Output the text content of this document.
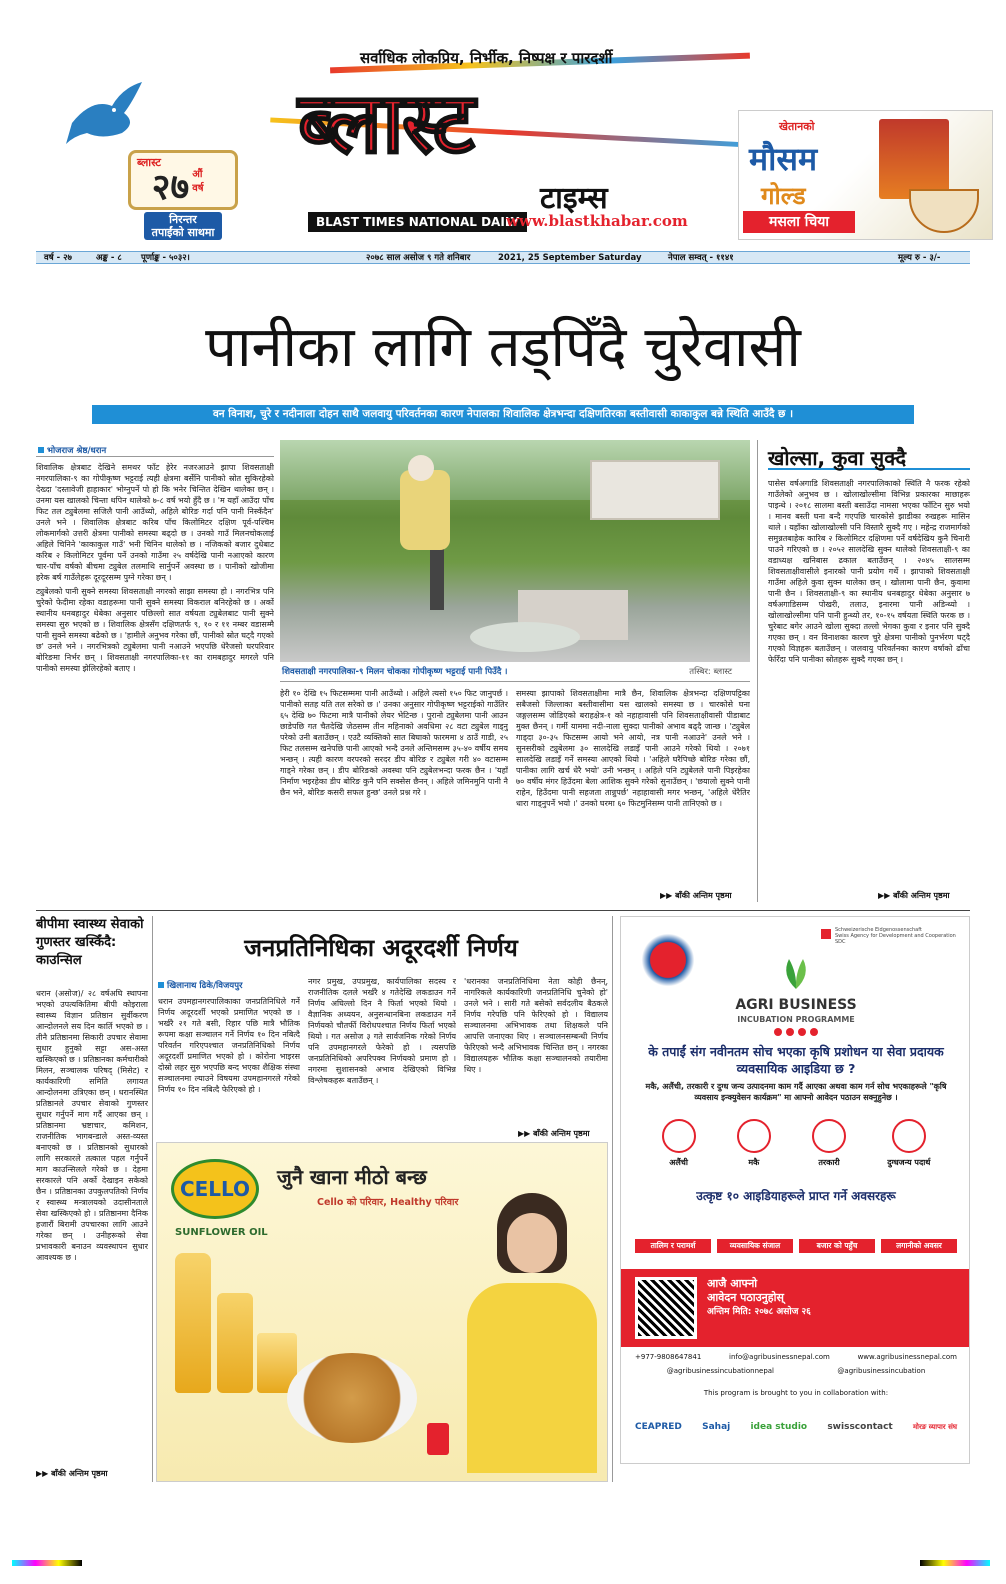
सर्वाधिक लोकप्रिय, निर्भीक, निष्पक्ष र पारदर्शी
ब्लास्ट
२७ औं वर्ष
निरन्तर
तपाईंको साथमा
ब्लास्ट
टाइम्स
BLAST TIMES NATIONAL DAILY
www.blastkhabar.com
खेतानको
मौसम
गोल्ड
मसला चिया
वर्ष - २७	अङ्क - ८ पूर्णाङ्क - ५०३२।	२०७८ साल असोज ९ गते शनिबार	2021, 25 September Saturday	नेपाल सम्वत् - ११४१	मूल्य रु - ३/-
पानीका लागि तड्पिँदै चुरेवासी
वन विनाश, चुरे र नदीनाला दोहन साथै जलवायु परिवर्तनका कारण नेपालका शिवालिक क्षेत्रभन्दा दक्षिणतिरका बस्तीवासी काकाकुल बन्ने स्थिति आउँदै छ ।
भोजराज श्रेष्ठ/धरान

शिवालिक क्षेत्रबाट देखिने समथर फाँट हेरेर नजरआउने झापा शिवसताक्षी नगरपालिका-९ का गोपीकृष्ण भट्टराई त्यही क्षेत्रमा बर्सेनि पानीको स्रोत सुकिरहेको देख्दा 'दस्तावेजी हाहाकार' भोग्नुपर्ने पो हो कि भनेर चिन्तित देखिन थालेका छन् । उनमा यस खालको चिन्ता थपिन थालेको ७-८ वर्ष भयो हुँदै छ । 'म यहाँ आउँदा पाँच फिट तल ट्युबेलमा सजिलै पानी आउँथ्यो, अहिले बोरिङ गर्दा पनि पानी निस्कँदैन' उनले भने । शिवालिक क्षेत्रबाट करिब पाँच किलोमिटर दक्षिण पूर्व-पश्चिम लोकमार्गको उत्तरी क्षेत्रमा पानीको समस्या बढ्दो छ । उनको गाउँ मिलनचोकलाई अहिले चिनिने 'काकाकुल गाउँ' भनी चिनिन थालेको छ । नजिकको बजार दुधेबाट करिब २ किलोमिटर पूर्वमा पर्ने उनको गाउँमा २५ वर्षदेखि पानी नआएको कारण चार-पाँच वर्षको बीचमा ट्युबेल तलमाथि सार्नुपर्ने अवस्था छ । पानीको खोजीमा हरेक बर्ष गाउँलेहरू दूरदूरसम्म पुग्ने गरेका छन् ।

ट्युबेलको पानी सुक्ने समस्या शिवसताक्षी नगरको साझा समस्या हो । नगरभित्र पनि चुरेको फेदीमा रहेका वडाहरूमा पानी सुक्ने समस्या विकराल बनिरहेको छ । अर्को स्थानीय धनबहादुर थेबेका अनुसार पछिल्लो सात वर्षयता ट्युबेलबाट पानी सुक्ने समस्या सुरु भएको छ । शिवालिक क्षेत्रसँग दक्षिणतर्फ ९, १० र ११ नम्बर वडासम्मै पानी सुक्ने समस्या बढेको छ । 'हामीले अनुभव गरेका छौं, पानीको स्रोत घट्दै गएको छ' उनले भने । नगरभित्रको ट्युबेलमा पानी नआउने भएपछि धेरैजसो घरपरिवार बोरिङमा निर्भर छन् । शिवसताक्षी नगरपालिका-११ का रामबहादुर मगरले पनि पानीको समस्या झेलिरहेको बताए ।	शिवसताक्षी नगरपालिका-९ मिलन चोकका गोपीकृष्ण भट्टराई पानी पिउँदै ।	तस्बिर: ब्लास्ट

हेरी १० देखि १५ फिटसम्ममा पानी आउँथ्यो । अहिले त्यसो १५० फिट जानुपर्छ । पानीको सतह यति तल सरेको छ ।' उनका अनुसार गोपीकृष्ण भट्टराईको गाउँतिर ६५ देखि ७० फिटमा मात्रै पानीको लेयर भेटिन्छ । पुरानो ट्युबेलमा पानी आउन छाडेपछि गत चैतदेखि जेठसम्म तीन महिनाको अवधिमा २८ वटा ट्युबेल गाड्नु परेको उनी बताउँछन् । एउटै व्यक्तिको सात बिघाको फारममा ४ ठाउँ गाडी, २५ फिट तलसम्म खनेपछि पानी आएको भन्दै उनले अन्तिमसम्म ३५-४० वर्षीय समय भन्छन् । त्यही कारण वरपरको सरदर डीप बोरिङ र ट्युबेल गरी ४० वटासम्म गाड्ने गरेका छन् । डीप बोरिङको अवस्था पनि ट्युबेलभन्दा फरक छैन । 'यहाँ निर्माण भइरहेका डीप बोरिङ कुनै पनि सक्सेस छैनन् । अहिले जमिनमुनि पानी नै छैन भने, बोरिङ कसरी सफल हुन्छ' उनले प्रश्न गरे ।

समस्या झापाको शिवसताक्षीमा मात्रै छैन, शिवालिक क्षेत्रभन्दा दक्षिणपट्टिका सबैजसो जिल्लाका बस्तीवासीमा यस खालको समस्या छ । चारकोसे घना जङ्गलसम्म जोडिएको बराहक्षेत्र-१ को नहाहावासी पनि शिवसताक्षीवासी पीडाबाट मुक्त छैनन् । गर्मी याममा नदी-नाला सुक्दा पानीको अभाव बढ्दै जान्छ । 'ट्युबेल गाड्दा ३०-३५ फिटसम्म आयो भने आयो, नत्र पानी नआउने' उनले भने । सुनसरीको ट्युबेलमा ३० सालदेखि लडाइँ पानी आउने गरेको थियो । २०७१ सालदेखि लडाइँ गर्ने समस्या आएको थियो । 'अहिले घरैपिच्छे बोरिङ गरेका छौं, पानीका लागि खर्च धेरै भयो' उनी भन्छन् । अहिले पनि ट्युबेलले पानी पिइरहेका ७० वर्षीय मंगर हिउँदमा बेला आशिक सुक्ने गरेको सुनाउँछन् । 'छयालो सुक्ने पानी राहेन, हिउँदमा पानी सहजता तान्नुपर्छ' नहाहावासी मगर भन्छन्, 'अहिले धेरैतिर धारा गाड्नुपर्ने भयो ।' उनको घरमा ६० फिटमुनिसम्म पानी तानिएको छ ।

▶▶ बाँकी अन्तिम पृष्ठमा
खोल्सा, कुवा सुक्दै

पासेस वर्षअगाडि शिवसताक्षी नगरपालिकाको स्थिति नै फरक रहेको गाउँलेको अनुभव छ । खोलाखोल्सीमा विभिन्न प्रकारका माछाहरू पाइन्थे । २०१८ सालमा बस्ती बसाउँदा नामसा भएका फाँटिन सुरु भयो । मानव बस्ती घना बन्दै गएपछि चारकोसे झाडीका रुखहरू मासिन थाले । यहाँका खोलाखोल्सी पनि विस्तारै सुक्दै गए । महेन्द्र राजमार्गको समुन्नतबाहेक कारिब २ किलोमिटर दक्षिणमा पर्ने वर्षदेखिय कुनै चिनारी पाउने गरिएको छ । २०५२ सालदेखि सुक्न थालेको शिवसताक्षी-९ का वडाध्यक्ष खनिबास ढकाल बताउँछन् । २०४५ सालसम्म शिवसताक्षीवासीले इनारको पानी प्रयोग गर्थे । झापाको शिवसताक्षी गाउँमा अहिले कुवा सुक्न थालेका छन् । खोलामा पानी छैन, कुवामा पानी छैन । शिवसताक्षी-९ का स्थानीय धनबहादुर थेबेका अनुसार ७ वर्षअगाडिसम्म पोखरी, तलाउ, इनारमा पानी अडिन्थ्यो । खोलाखोल्सीमा पनि पानी हुन्थ्यो तर, १०-१५ वर्षयता स्थिति फरक छ । चुरेबाट बगेर आउने खोला सुक्दा तल्लो भेगका कुवा र इनार पनि सुक्दै गएका छन् । वन विनाशका कारण चुरे क्षेत्रमा पानीको पुनर्भरण घट्दै गएको विज्ञहरू बताउँछन् । जलवायु परिवर्तनका कारण वर्षाको ढाँचा फेरिँदा पनि पानीका स्रोतहरू सुक्दै गएका छन् ।

▶▶ बाँकी अन्तिम पृष्ठमा
बीपीमा स्वास्थ्य सेवाको गुणस्तर खस्किँदै: काउन्सिल

धरान (असोज)/ २८ वर्षअघि स्थापना भएको उपत्यकितिमा बीपी कोइराला स्वास्थ्य विज्ञान प्रतिष्ठान सुर्वीकरण आन्दोलनले सय दिन कार्ति भएको छ । तीनै प्रतिष्ठानमा सिकारी उपचार सेवामा सुधार हुनुको सट्टा अस-अस्त खस्किएको छ । प्रतिष्ठानका कर्मचारीको मिलन, सञ्चालक परिषद् (मिसेट) र कार्यकारिणी समिति लगायत आन्दोलनमा उत्रिएका छन् । धरानस्थित प्रतिष्ठानले उपचार सेवाको गुणस्तर सुधार गर्नुपर्ने माग गर्दै आएका छन् । प्रतिष्ठानमा भ्रष्टाचार, कमिशन, राजनीतिक भागबन्डाले अस्त-व्यस्त बनाएको छ । प्रतिष्ठानको सुधारको लागि सरकारले तत्काल पहल गर्नुपर्ने माग काउन्सिलले गरेको छ । देहमा सरकारले पनि अर्को देखाइन सकेको छैन । प्रतिष्ठानका उपकुलपतिको निर्णय र स्वास्थ्य मन्त्रालयको उदासीनताले सेवा खस्किएको हो । प्रतिष्ठानमा दैनिक हजारौं बिरामी उपचारका लागि आउने गरेका छन् । उनीहरूको सेवा प्रभावकारी बनाउन व्यवस्थापन सुधार आवश्यक छ ।

▶▶ बाँकी अन्तिम पृष्ठमा
जनप्रतिनिधिका अदूरदर्शी निर्णय
खिलानाथ ढिके/विजयपुर

धरान उपमहानगरपालिकाका जनप्रतिनिधिले गर्ने निर्णय अदूरदर्शी भएको प्रमाणित भएको छ । भर्खरै २१ गते बसी, रिहार पछि मात्रै भौतिक रूपमा कक्षा सञ्चालन गर्ने निर्णय १० दिन नबित्दै परिवर्तन गरिएपश्चात जनप्रतिनिधिको निर्णय अदूरदर्शी प्रमाणित भएको हो । कोरोना भाइरस दोस्रो लहर सुरु भएपछि बन्द भएका शैक्षिक संस्था सञ्चालनमा ल्याउने विषयमा उपमहानगरले गरेको निर्णय १० दिन नबित्दै फेरिएको हो ।

नगर प्रमुख, उपप्रमुख, कार्यपालिका सदस्य र राजनीतिक दलले भर्खरै ४ गतेदेखि लकडाउन गर्ने निर्णय अघिल्लो दिन नै फिर्ता भएको थियो । वैज्ञानिक अध्ययन, अनुसन्धानबिना लकडाउन गर्ने निर्णयको चौतर्फी विरोधपश्चात निर्णय फिर्ता भएको थियो । गत असोज ३ गते सार्वजनिक गरेको निर्णय पनि उपमहानगरले फेरेको हो । त्यसपछि जनप्रतिनिधिको अपरिपक्व निर्णयको प्रमाण हो । नगरमा सुशासनको अभाव देखिएको विभिन्न विश्लेषकहरू बताउँछन् ।

'धरानका जनप्रतिनिधिमा नेता कोही छैनन्, नागरिकले कार्यकारिणी जनप्रतिनिधि चुनेको हो' उनले भने । सारी गते बसेको सर्वदलीय बैठकले निर्णय गरेपछि पनि फेरिएको हो । विद्यालय सञ्चालनमा अभिभावक तथा शिक्षकले पनि आपत्ति जनाएका थिए । सञ्चालनसम्बन्धी निर्णय फेरिएको भन्दै अभिभावक चिन्तित छन् । नगरका विद्यालयहरू भौतिक कक्षा सञ्चालनको तयारीमा थिए ।

▶▶ बाँकी अन्तिम पृष्ठमा
CELLO
SUNFLOWER OIL
जुनै खाना मीठो बन्छ
Cello को परिवार, Healthy परिवार
Schweizerische Eidgenossenschaft
Swiss Agency for Development and Cooperation SDC
AGRI BUSINESS
INCUBATION PROGRAMME
के तपाईं संग नवीनतम सोच भएका कृषि प्रशोधन या सेवा प्रदायक व्यवसायिक आइडिया छ ?
मकै, अलैंची, तरकारी र दुग्ध जन्य उत्पादनमा काम गर्दै आएका अथवा काम गर्न सोच भएकाहरूले "कृषि व्यवसाय इन्क्युवेसन कार्यक्रम" मा आफ्नो आवेदन पठाउन सक्नुहुनेछ ।
अलैंची	मकै	तरकारी	दुग्धजन्य पदार्थ
उत्कृष्ट १० आइडियाहरूले प्राप्त गर्ने अवसरहरू
तालिम र परामर्श	व्यवसायिक संजाल	बजार को पहुँच	लगानीको अवसर
आजै आफ्नो
आवेदन पठाउनुहोस्
अन्तिम मिति: २०७८ असोज २६
+977-9808647841	info@agribusinessnepal.com	www.agribusinessnepal.com
@agribusinessincubationnepal	@agribusinessincubation
This program is brought to you in collaboration with:
CEAPRED Sahaj idea studio swisscontact	मोरङ व्यापार संघ
